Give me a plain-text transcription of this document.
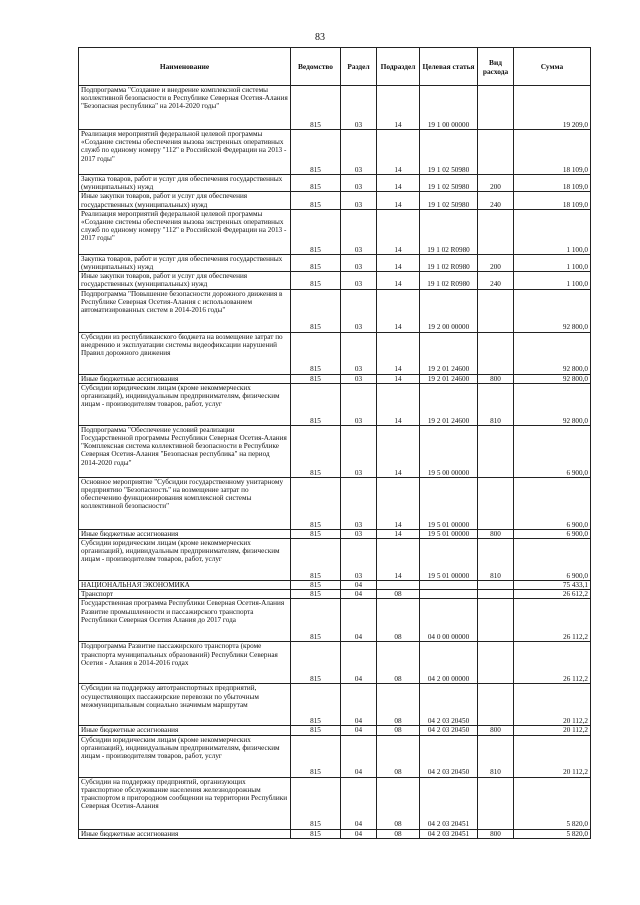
83
Наименование	Ведомство	Раздел	Подраздел	Целевая статья	Вид расхода	Сумма
Подпрограмма "Создание и внедрение комплексной системы коллективной безопасности в Республике Северная Осетия-Алания "Безопасная республика" на 2014-2020 годы"	815	03	14	19 1 00 00000		19 209,0
Реализация мероприятий федеральной целевой программы «Создание системы обеспечения вызова экстренных оперативных служб по единому номеру "112" в Российской Федерации на 2013 - 2017 годы"	815	03	14	19 1 02 50980		18 109,0
Закупка товаров, работ и услуг для обеспечения государственных (муниципальных) нужд	815	03	14	19 1 02 50980	200	18 109,0
Иные закупки товаров, работ и услуг для обеспечения государственных (муниципальных) нужд	815	03	14	19 1 02 50980	240	18 109,0
Реализация мероприятий федеральной целевой программы «Создание системы обеспечения вызова экстренных оперативных служб по единому номеру "112" в Российской Федерации на 2013 - 2017 годы"	815	03	14	19 1 02 R0980		1 100,0
Закупка товаров, работ и услуг для обеспечения государственных (муниципальных) нужд	815	03	14	19 1 02 R0980	200	1 100,0
Иные закупки товаров, работ и услуг для обеспечения государственных (муниципальных) нужд	815	03	14	19 1 02 R0980	240	1 100,0
Подпрограмма "Повышение безопасности дорожного движения в Республике Северная Осетия-Алания с использованием автоматизированных систем в 2014-2016 годы"	815	03	14	19 2 00 00000		92 800,0
Субсидии из республиканского бюджета на возмещение затрат по внедрению и эксплуатации системы видеофиксации нарушений Правил дорожного движения	815	03	14	19 2 01 24600		92 800,0
Иные бюджетные ассигнования	815	03	14	19 2 01 24600	800	92 800,0
Субсидии юридическим лицам (кроме некоммерческих организаций), индивидуальным предпринимателям, физическим лицам - производителям товаров, работ, услуг	815	03	14	19 2 01 24600	810	92 800,0
Подпрограмма "Обеспечение условий реализации Государственной программы Республики Северная Осетия-Алания "Комплексная система коллективной безопасности в Республике Северная Осетия-Алания "Безопасная республика" на период 2014-2020 годы"	815	03	14	19 5 00 00000		6 900,0
Основное мероприятие "Субсидии государственному унитарному предприятию "Безопасность" на возмещение затрат по обеспечению функционирования комплексной системы коллективной безопасности"	815	03	14	19 5 01 00000		6 900,0
Иные бюджетные ассигнования	815	03	14	19 5 01 00000	800	6 900,0
Субсидии юридическим лицам (кроме некоммерческих организаций), индивидуальным предпринимателям, физическим лицам - производителям товаров, работ, услуг	815	03	14	19 5 01 00000	810	6 900,0
НАЦИОНАЛЬНАЯ ЭКОНОМИКА	815	04				75 433,1
Транспорт	815	04	08			26 612,2
Государственная программа Республики Северная Осетия-Алания Развитие промышленности и пассажирского транспорта Республики Северная Осетия Алания до 2017 года	815	04	08	04 0 00 00000		26 112,2
Подпрограмма Развитие пассажирского транспорта (кроме транспорта муниципальных образований) Республики Северная Осетия - Алания в 2014-2016 годах	815	04	08	04 2 00 00000		26 112,2
Субсидии на поддержку автотранспортных предприятий, осуществляющих пассажирские перевозки по убыточным межмуниципальным социально значимым маршрутам	815	04	08	04 2 03 20450		20 112,2
Иные бюджетные ассигнования	815	04	08	04 2 03 20450	800	20 112,2
Субсидии юридическим лицам (кроме некоммерческих организаций), индивидуальным предпринимателям, физическим лицам - производителям товаров, работ, услуг	815	04	08	04 2 03 20450	810	20 112,2
Субсидии на поддержку предприятий, организующих транспортное обслуживание населения железнодорожным транспортом в пригородном сообщении на территории Республики Северная Осетия-Алания	815	04	08	04 2 03 20451		5 820,0
Иные бюджетные ассигнования	815	04	08	04 2 03 20451	800	5 820,0
